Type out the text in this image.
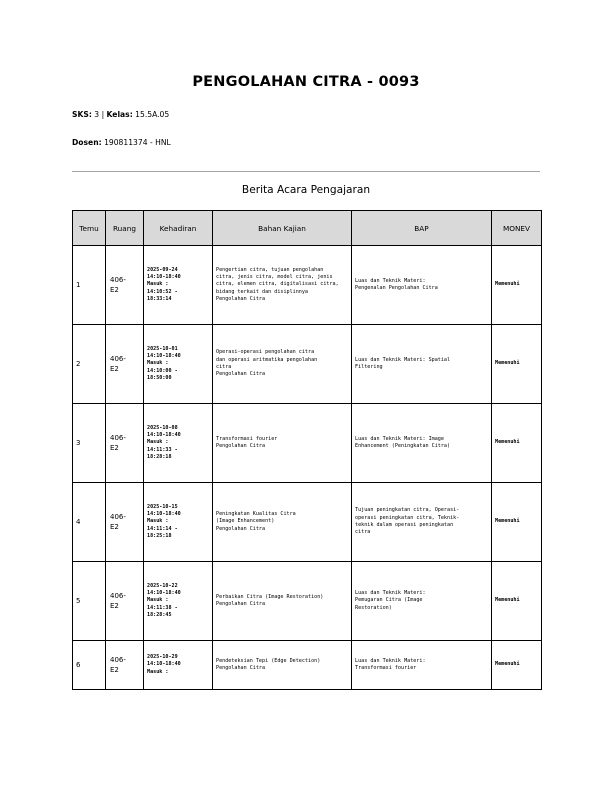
PENGOLAHAN CITRA - 0093
SKS: 3 | Kelas: 15.5A.05
Dosen: 190811374 - HNL
Berita Acara Pengajaran
Temu	Ruang	Kehadiran	Bahan Kajian	BAP	MONEV
1	406-
E2	2025-09-24
14:10-18:40
Masuk :
14:10:52 -
18:33:14	Pengertian citra, tujuan pengolahan
citra, jenis citra, model citra, jenis
citra, elemen citra, digitalisasi citra,
bidang terkait dan disiplinnya
Pengolahan Citra	Luas dan Teknik Materi:
Pengenalan Pengolahan Citra	Memenuhi
2	406-
E2	2025-10-01
14:10-18:40
Masuk :
14:10:00 -
18:50:00	Operasi-operasi pengolahan citra
dan operasi aritmatika pengolahan
citra
Pengolahan Citra	Luas dan Teknik Materi: Spatial
Filtering	Memenuhi
3	406-
E2	2025-10-08
14:10-18:40
Masuk :
14:11:33 -
18:28:18	Transformasi fourier
Pengolahan Citra	Luas dan Teknik Materi: Image
Enhancement (Peningkatan Citra)	Memenuhi
4	406-
E2	2025-10-15
14:10-18:40
Masuk :
14:11:14 -
18:25:18	Peningkatan Kualitas Citra
(Image Enhancement)
Pengolahan Citra	Tujuan peningkatan citra, Operasi-
operasi peningkatan citra, Teknik-
teknik dalam operasi peningkatan
citra	Memenuhi
5	406-
E2	2025-10-22
14:10-18:40
Masuk :
14:11:38 -
18:28:45	Perbaikan Citra (Image Restoration)
Pengolahan Citra	Luas dan Teknik Materi:
Pemugaran Citra (Image
Restoration)	Memenuhi
6	406-
E2	2025-10-29
14:10-18:40
Masuk :	Pendeteksian Tepi (Edge Detection)
Pengolahan Citra	Luas dan Teknik Materi:
Transformasi fourier	Memenuhi
